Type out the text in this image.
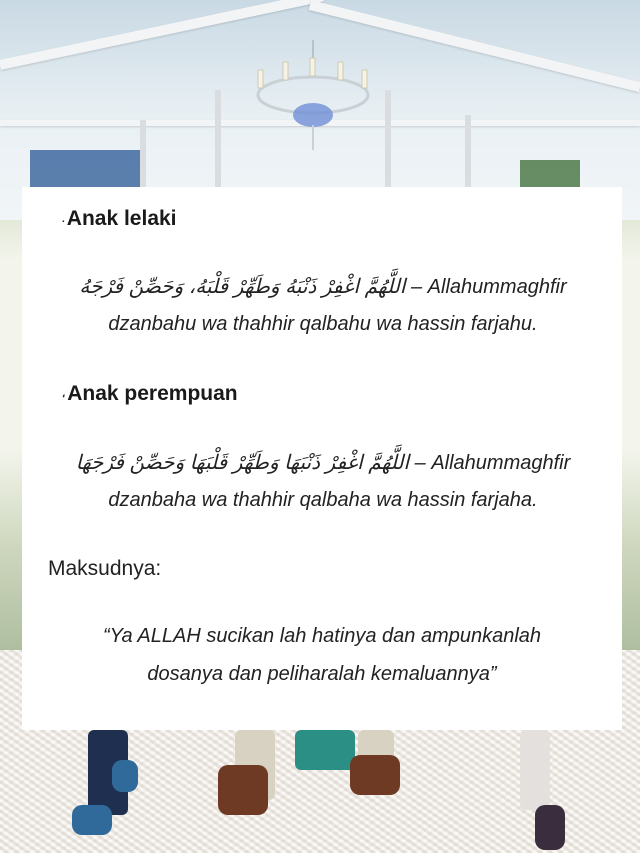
.Anak lelaki
اللَّهُمَّ اغْفِرْ ذَنْبَهُ وَطَهِّرْ قَلْبَهُ، وَحَصِّنْ فَرْجَهُ – Allahummaghfir
dzanbahu wa thahhir qalbahu wa hassin farjahu.
،Anak perempuan
اللَّهُمَّ اغْفِرْ ذَنْبَهَا وَطَهِّرْ قَلْبَهَا وَحَصِّنْ فَرْجَهَا – Allahummaghfir
dzanbaha wa thahhir qalbaha wa hassin farjaha.
Maksudnya:
“Ya ALLAH sucikan lah hatinya dan ampunkanlah
dosanya dan peliharalah kemaluannya”
